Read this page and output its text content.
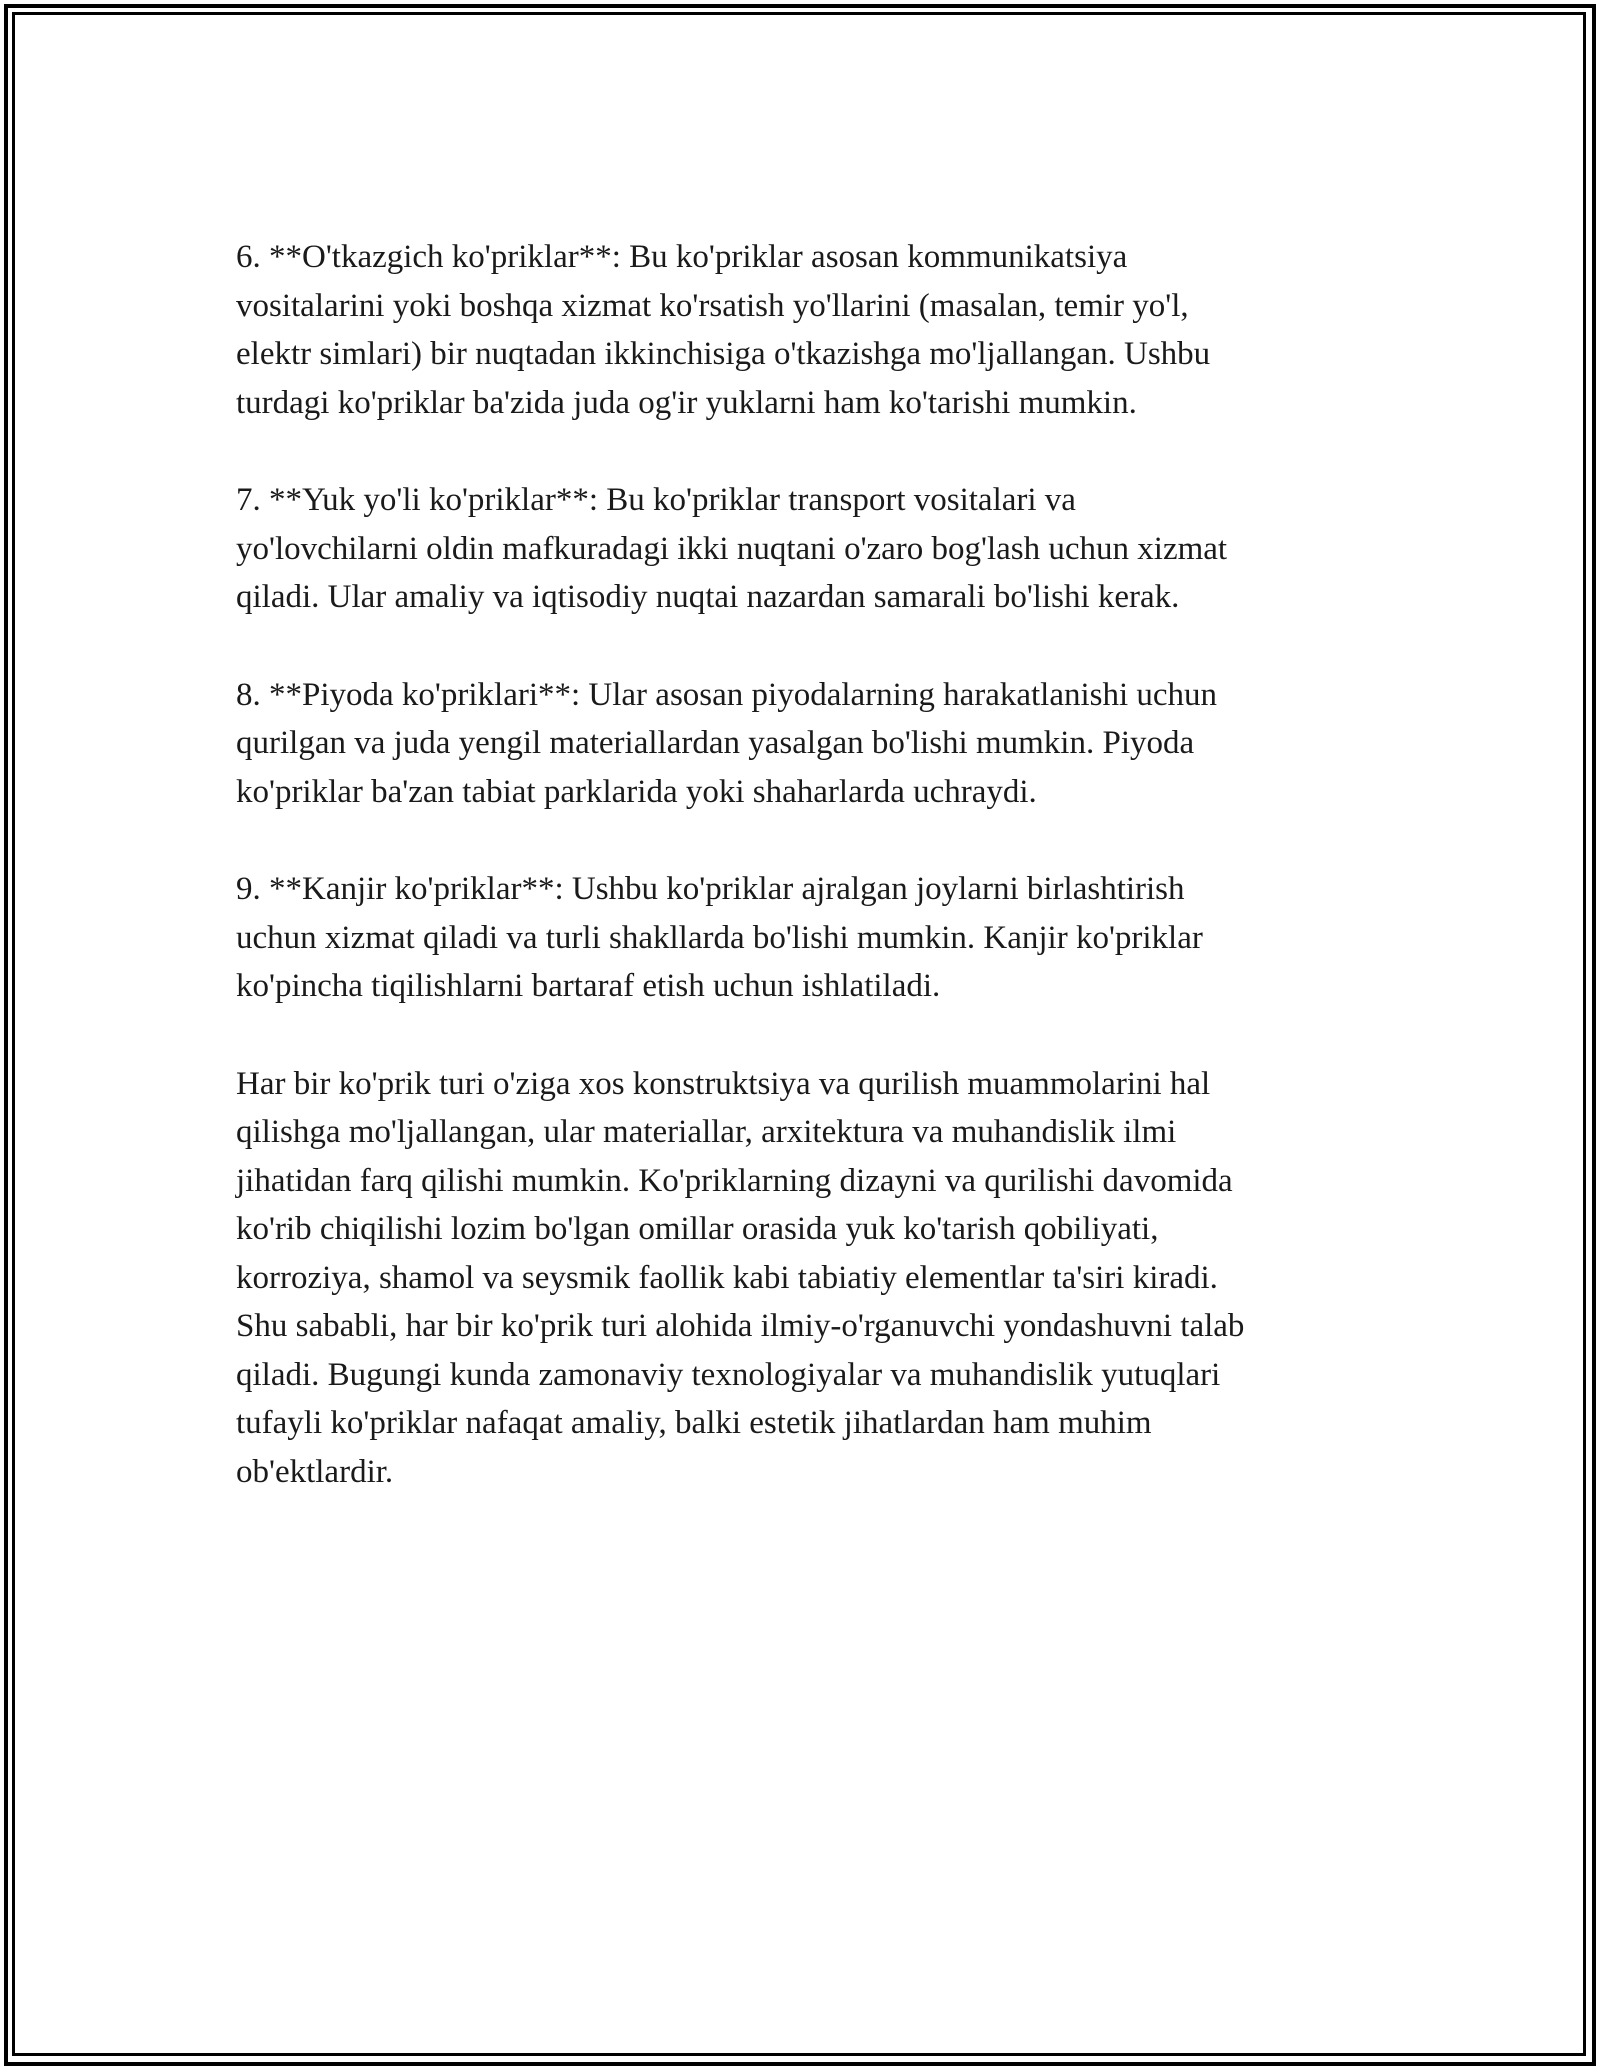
6. **O'tkazgich ko'priklar**: Bu ko'priklar asosan kommunikatsiya
vositalarini yoki boshqa xizmat ko'rsatish yo'llarini (masalan, temir yo'l,
elektr simlari) bir nuqtadan ikkinchisiga o'tkazishga mo'ljallangan. Ushbu
turdagi ko'priklar ba'zida juda og'ir yuklarni ham ko'tarishi mumkin.

7. **Yuk yo'li ko'priklar**: Bu ko'priklar transport vositalari va
yo'lovchilarni oldin mafkuradagi ikki nuqtani o'zaro bog'lash uchun xizmat
qiladi. Ular amaliy va iqtisodiy nuqtai nazardan samarali bo'lishi kerak.

8. **Piyoda ko'priklari**: Ular asosan piyodalarning harakatlanishi uchun
qurilgan va juda yengil materiallardan yasalgan bo'lishi mumkin. Piyoda
ko'priklar ba'zan tabiat parklarida yoki shaharlarda uchraydi.

9. **Kanjir ko'priklar**: Ushbu ko'priklar ajralgan joylarni birlashtirish
uchun xizmat qiladi va turli shakllarda bo'lishi mumkin. Kanjir ko'priklar
ko'pincha tiqilishlarni bartaraf etish uchun ishlatiladi.

Har bir ko'prik turi o'ziga xos konstruktsiya va qurilish muammolarini hal
qilishga mo'ljallangan, ular materiallar, arxitektura va muhandislik ilmi
jihatidan farq qilishi mumkin. Ko'priklarning dizayni va qurilishi davomida
ko'rib chiqilishi lozim bo'lgan omillar orasida yuk ko'tarish qobiliyati,
korroziya, shamol va seysmik faollik kabi tabiatiy elementlar ta'siri kiradi.
Shu sababli, har bir ko'prik turi alohida ilmiy-o'rganuvchi yondashuvni talab
qiladi. Bugungi kunda zamonaviy texnologiyalar va muhandislik yutuqlari
tufayli ko'priklar nafaqat amaliy, balki estetik jihatlardan ham muhim
ob'ektlardir.
